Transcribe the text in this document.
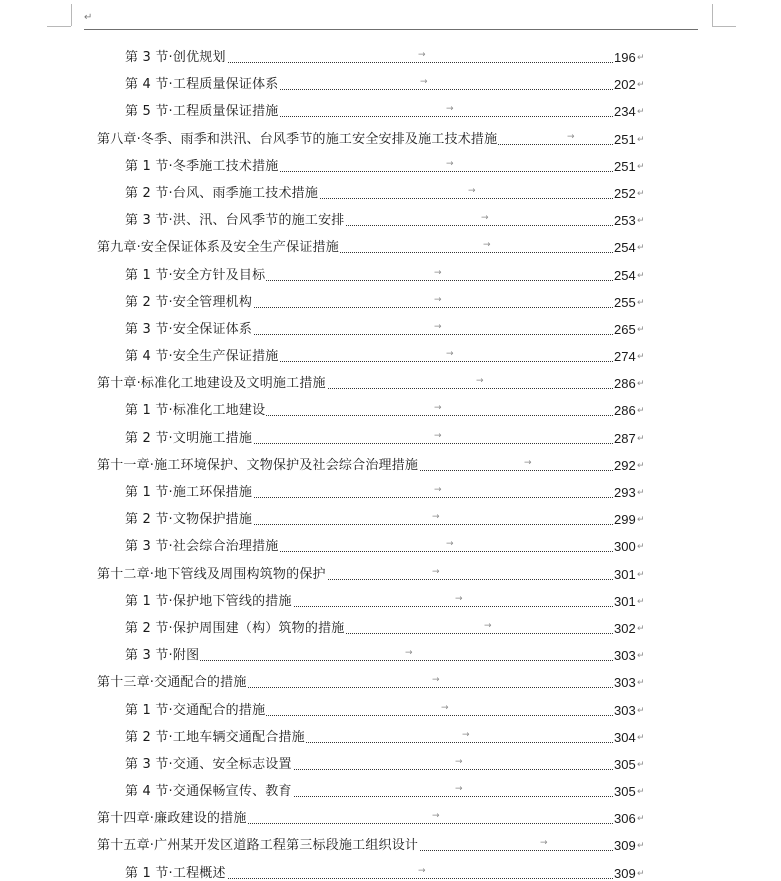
↵
第 3 节·创优规划	→	196 ↵
第 4 节·工程质量保证体系	→	202 ↵
第 5 节·工程质量保证措施	→	234 ↵
第八章·冬季、雨季和洪汛、台风季节的施工安全安排及施工技术措施	→	251 ↵
第 1 节·冬季施工技术措施	→	251 ↵
第 2 节·台风、雨季施工技术措施	→	252 ↵
第 3 节·洪、汛、台风季节的施工安排	→	253 ↵
第九章·安全保证体系及安全生产保证措施	→	254 ↵
第 1 节·安全方针及目标	→	254 ↵
第 2 节·安全管理机构	→	255 ↵
第 3 节·安全保证体系	→	265 ↵
第 4 节·安全生产保证措施	→	274 ↵
第十章·标准化工地建设及文明施工措施	→	286 ↵
第 1 节·标准化工地建设	→	286 ↵
第 2 节·文明施工措施	→	287 ↵
第十一章·施工环境保护、文物保护及社会综合治理措施	→	292 ↵
第 1 节·施工环保措施	→	293 ↵
第 2 节·文物保护措施	→	299 ↵
第 3 节·社会综合治理措施	→	300 ↵
第十二章·地下管线及周围构筑物的保护	→	301 ↵
第 1 节·保护地下管线的措施	→	301 ↵
第 2 节·保护周围建（构）筑物的措施	→	302 ↵
第 3 节·附图	→	303 ↵
第十三章·交通配合的措施	→	303 ↵
第 1 节·交通配合的措施	→	303 ↵
第 2 节·工地车辆交通配合措施	→	304 ↵
第 3 节·交通、安全标志设置	→	305 ↵
第 4 节·交通保畅宣传、教育	→	305 ↵
第十四章·廉政建设的措施	→	306 ↵
第十五章·广州某开发区道路工程第三标段施工组织设计	→	309 ↵
第 1 节·工程概述	→	309 ↵
